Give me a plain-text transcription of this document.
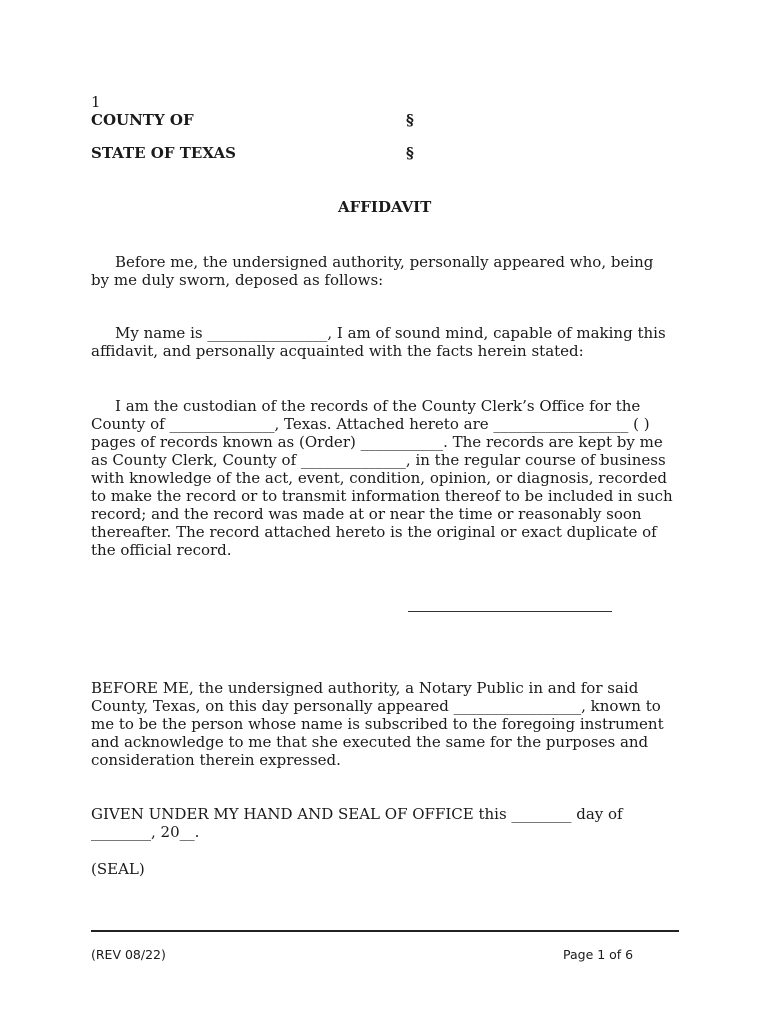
1
COUNTY OF	§
STATE OF TEXAS	§
AFFIDAVIT
Before me, the undersigned authority, personally appeared who, being
by me duly sworn, deposed as follows:
My name is ________________, I am of sound mind, capable of making this
affidavit, and personally acquainted with the facts herein stated:
I am the custodian of the records of the County Clerk’s Office for the
County of ______________, Texas. Attached hereto are __________________ ( )
pages of records known as (Order) ___________. The records are kept by me
as County Clerk, County of ______________, in the regular course of business
with knowledge of the act, event, condition, opinion, or diagnosis, recorded
to make the record or to transmit information thereof to be included in such
record; and the record was made at or near the time or reasonably soon
thereafter. The record attached hereto is the original or exact duplicate of
the official record.
BEFORE ME, the undersigned authority, a Notary Public in and for said
County, Texas, on this day personally appeared _________________, known to
me to be the person whose name is subscribed to the foregoing instrument
and acknowledge to me that she executed the same for the purposes and
consideration therein expressed.
GIVEN UNDER MY HAND AND SEAL OF OFFICE this ________ day of
________, 20__.
(SEAL)
(REV 08/22)	Page 1 of 6
